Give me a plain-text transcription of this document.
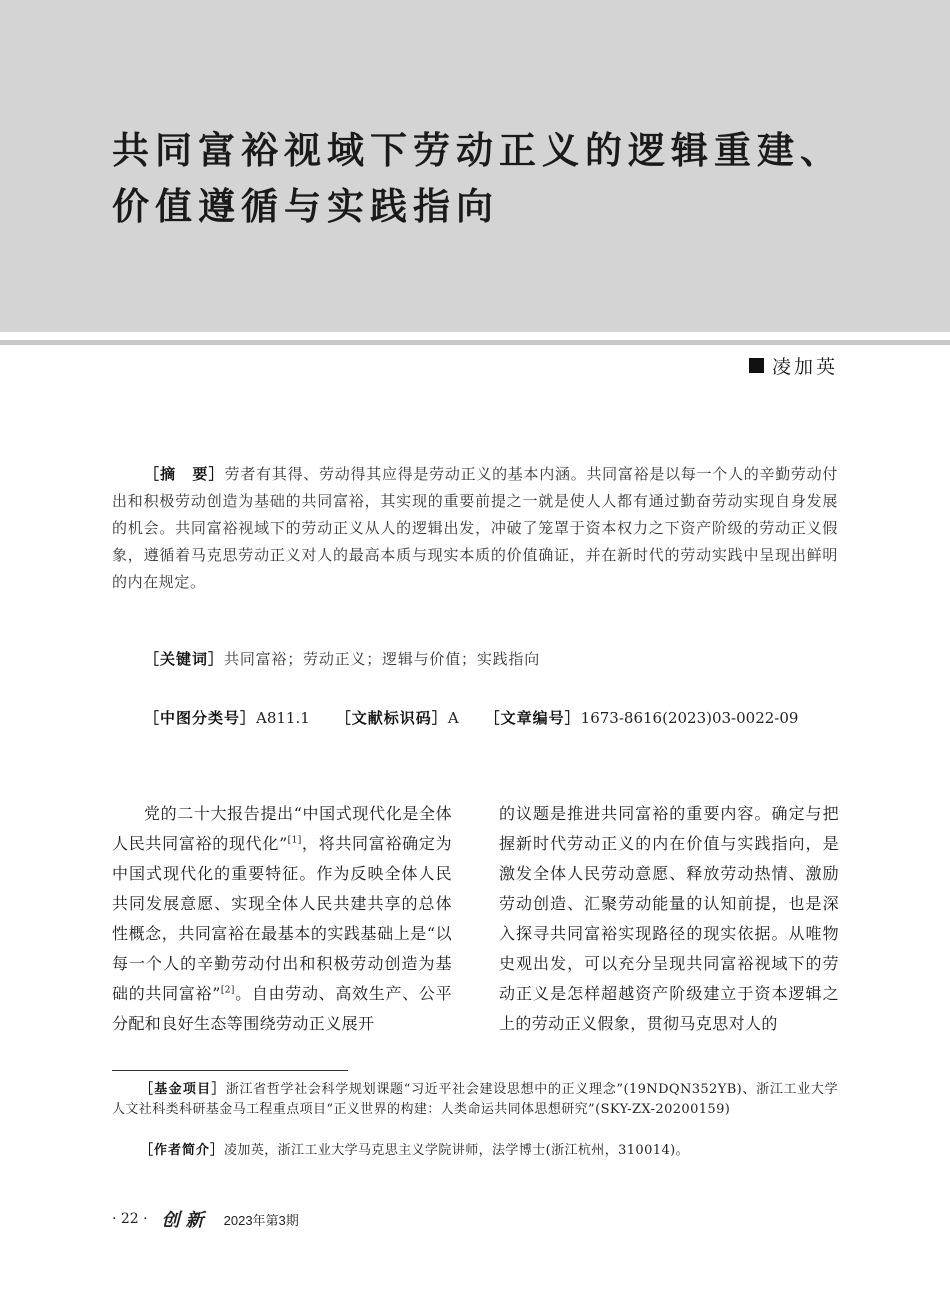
共同富裕视域下劳动正义的逻辑重建、
价值遵循与实践指向
凌加英
［摘　要］劳者有其得、劳动得其应得是劳动正义的基本内涵。共同富裕是以每一个人的辛勤劳动付出和积极劳动创造为基础的共同富裕，其实现的重要前提之一就是使人人都有通过勤奋劳动实现自身发展的机会。共同富裕视域下的劳动正义从人的逻辑出发，冲破了笼罩于资本权力之下资产阶级的劳动正义假象，遵循着马克思劳动正义对人的最高本质与现实本质的价值确证，并在新时代的劳动实践中呈现出鲜明的内在规定。
［关键词］共同富裕；劳动正义；逻辑与价值；实践指向
［中图分类号］A811.1 ［文献标识码］A ［文章编号］1673-8616(2023)03-0022-09
党的二十大报告提出“中国式现代化是全体人民共同富裕的现代化”[1]，将共同富裕确定为中国式现代化的重要特征。作为反映全体人民共同发展意愿、实现全体人民共建共享的总体性概念，共同富裕在最基本的实践基础上是“以每一个人的辛勤劳动付出和积极劳动创造为基础的共同富裕”[2]。自由劳动、高效生产、公平分配和良好生态等围绕劳动正义展开
的议题是推进共同富裕的重要内容。确定与把握新时代劳动正义的内在价值与实践指向，是激发全体人民劳动意愿、释放劳动热情、激励劳动创造、汇聚劳动能量的认知前提，也是深入探寻共同富裕实现路径的现实依据。从唯物史观出发，可以充分呈现共同富裕视域下的劳动正义是怎样超越资产阶级建立于资本逻辑之上的劳动正义假象，贯彻马克思对人的
［基金项目］浙江省哲学社会科学规划课题“习近平社会建设思想中的正义理念”(19NDQN352YB)、浙江工业大学人文社科类科研基金马工程重点项目“正义世界的构建：人类命运共同体思想研究”(SKY-ZX-20200159)
［作者简介］凌加英，浙江工业大学马克思主义学院讲师，法学博士(浙江杭州，310014)。
· 22 · 创新 2023年第3期
